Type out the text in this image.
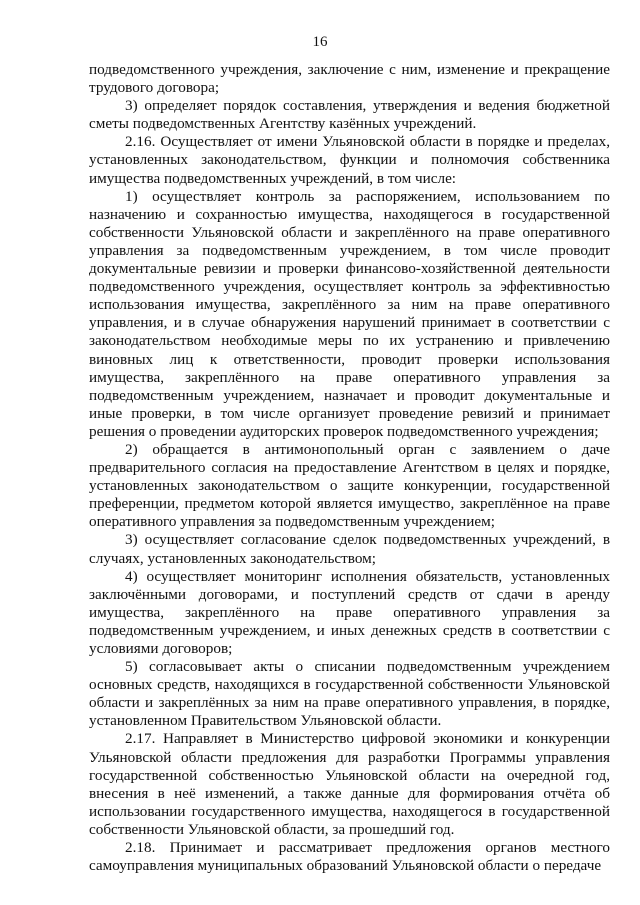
16

подведомственного учреждения, заключение с ним, изменение и прекращение трудового договора;

3) определяет порядок составления, утверждения и ведения бюджетной сметы подведомственных Агентству казённых учреждений.

2.16. Осуществляет от имени Ульяновской области в порядке и пределах, установленных законодательством, функции и полномочия собственника имущества подведомственных учреждений, в том числе:

1) осуществляет контроль за распоряжением, использованием по назначению и сохранностью имущества, находящегося в государственной собственности Ульяновской области и закреплённого на праве оперативного управления за подведомственным учреждением, в том числе проводит документальные ревизии и проверки финансово-хозяйственной деятельности подведомственного учреждения, осуществляет контроль за эффективностью использования имущества, закреплённого за ним на праве оперативного управления, и в случае обнаружения нарушений принимает в соответствии с законодательством необходимые меры по их устранению и привлечению виновных лиц к ответственности, проводит проверки использования имущества, закреплённого на праве оперативного управления за подведомственным учреждением, назначает и проводит документальные и иные проверки, в том числе организует проведение ревизий и принимает решения о проведении аудиторских проверок подведомственного учреждения;

2) обращается в антимонопольный орган с заявлением о даче предварительного согласия на предоставление Агентством в целях и порядке, установленных законодательством о защите конкуренции, государственной преференции, предметом которой является имущество, закреплённое на праве оперативного управления за подведомственным учреждением;

3) осуществляет согласование сделок подведомственных учреждений, в случаях, установленных законодательством;

4) осуществляет мониторинг исполнения обязательств, установленных заключёнными договорами, и поступлений средств от сдачи в аренду имущества, закреплённого на праве оперативного управления за подведомственным учреждением, и иных денежных средств в соответствии с условиями договоров;

5) согласовывает акты о списании подведомственным учреждением основных средств, находящихся в государственной собственности Ульяновской области и закреплённых за ним на праве оперативного управления, в порядке, установленном Правительством Ульяновской области.

2.17. Направляет в Министерство цифровой экономики и конкуренции Ульяновской области предложения для разработки Программы управления государственной собственностью Ульяновской области на очередной год, внесения в неё изменений, а также данные для формирования отчёта об использовании государственного имущества, находящегося в государственной собственности Ульяновской области, за прошедший год.

2.18. Принимает и рассматривает предложения органов местного самоуправления муниципальных образований Ульяновской области о передаче
